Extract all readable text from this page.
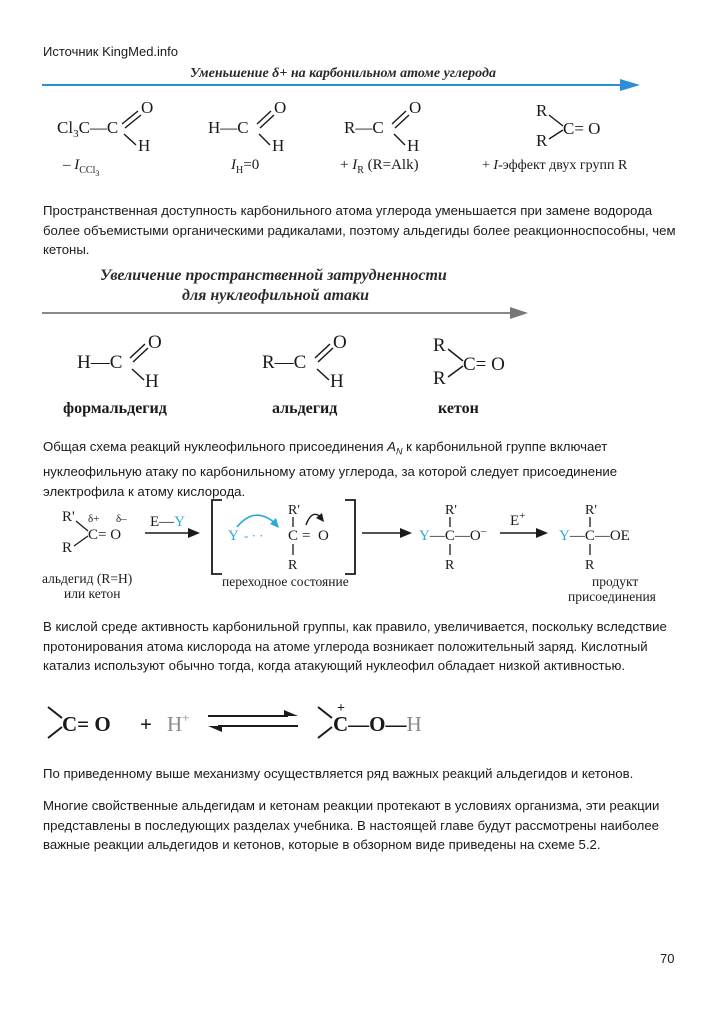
Источник KingMed.info
Уменьшение δ+ на карбонильном атоме углерода
$Cl_3C—C$
O
H
H—C
O
H
R—C
O
H
R
R
C= O
– $I_{CCl3}$
$I_H=0$	+ $I_R$ (R=Alk)	+ I-эффект двух групп R
Пространственная доступность карбонильного атома углерода уменьшается при замене водорода более объемистыми органическими радикалами, поэтому альдегиды более реакционноспособны, чем кетоны.
Увеличение пространственной затрудненности
для нуклеофильной атаки
H—C
O
H
формальдегид
R—C
O
H
альдегид
R
R
C= O
кетон
Общая схема реакций нуклеофильного присоединения $A_N$ к карбонильной группе включает нуклеофильную атаку по карбонильному атому углерода, за которой следует присоединение электрофила к атому кислорода.
R' δ+ δ–
R
C= O
E—Y
Y - · ·
R'
C = O
R
R'
Y—C—O–
R
E+	R'
Y—C—OE
R
альдегид (R=H)
или кетон
переходное состояние	продукт
присоединения
В кислой среде активность карбонильной группы, как правило, увеличивается, поскольку вследствие протонирования атома кислорода на атоме углерода возникает положительный заряд. Кислотный катализ используют обычно тогда, когда атакующий нуклеофил обладает низкой активностью.
C= O + H+
+
C—O—H
По приведенному выше механизму осуществляется ряд важных реакций альдегидов и кетонов.
Многие свойственные альдегидам и кетонам реакции протекают в условиях организма, эти реакции представлены в последующих разделах учебника. В настоящей главе будут рассмотрены наиболее важные реакции альдегидов и кетонов, которые в обзорном виде приведены на схеме 5.2.
70
